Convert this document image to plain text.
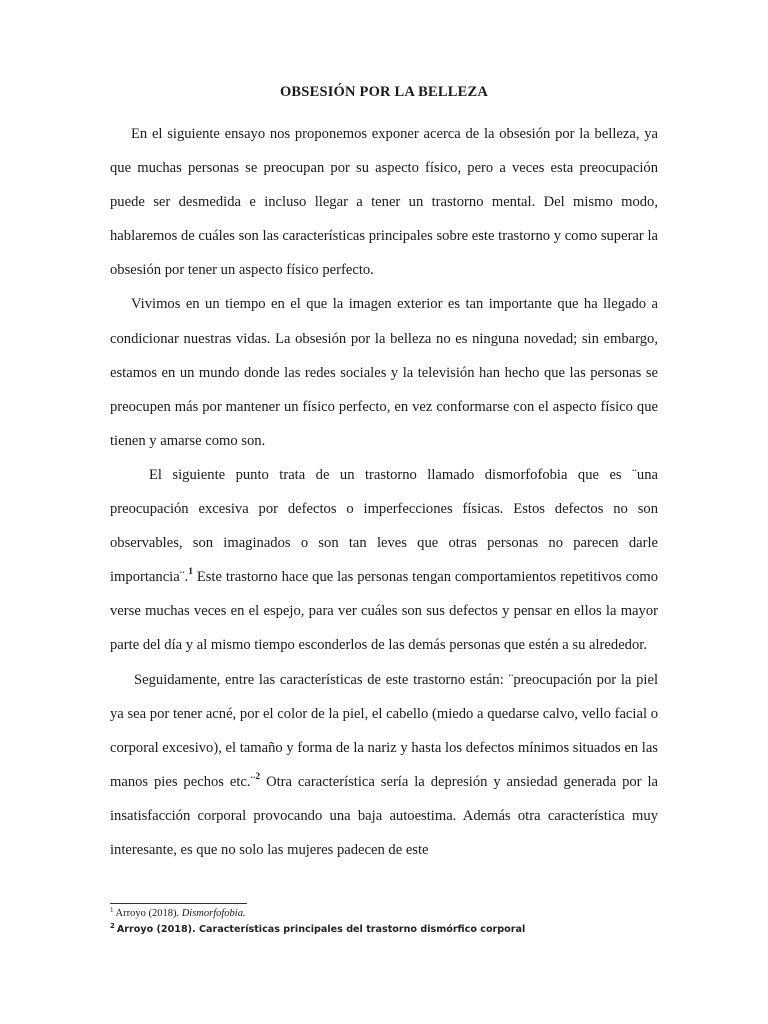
OBSESIÓN POR LA BELLEZA

En el siguiente ensayo nos proponemos exponer acerca de la obsesión por la belleza, ya que muchas personas se preocupan por su aspecto físico, pero a veces esta preocupación puede ser desmedida e incluso llegar a tener un trastorno mental. Del mismo modo, hablaremos de cuáles son las características principales sobre este trastorno y como superar la obsesión por tener un aspecto físico perfecto.

Vivimos en un tiempo en el que la imagen exterior es tan importante que ha llegado a condicionar nuestras vidas. La obsesión por la belleza no es ninguna novedad; sin embargo, estamos en un mundo donde las redes sociales y la televisión han hecho que las personas se preocupen más por mantener un físico perfecto, en vez conformarse con el aspecto físico que tienen y amarse como son.

El siguiente punto trata de un trastorno llamado dismorfofobia que es ¨una preocupación excesiva por defectos o imperfecciones físicas. Estos defectos no son observables, son imaginados o son tan leves que otras personas no parecen darle importancia¨.$^1$ Este trastorno hace que las personas tengan comportamientos repetitivos como verse muchas veces en el espejo, para ver cuáles son sus defectos y pensar en ellos la mayor parte del día y al mismo tiempo esconderlos de las demás personas que estén a su alrededor.

Seguidamente, entre las características de este trastorno están: ¨preocupación por la piel ya sea por tener acné, por el color de la piel, el cabello (miedo a quedarse calvo, vello facial o corporal excesivo), el tamaño y forma de la nariz y hasta los defectos mínimos situados en las manos pies pechos etc.¨$^2$ Otra característica sería la depresión y ansiedad generada por la insatisfacción corporal provocando una baja autoestima. Además otra característica muy interesante, es que no solo las mujeres padecen de este

$^1$ Arroyo (2018). Dismorfofobia.
$^2$ Arroyo (2018). Características principales del trastorno dismórfico corporal
